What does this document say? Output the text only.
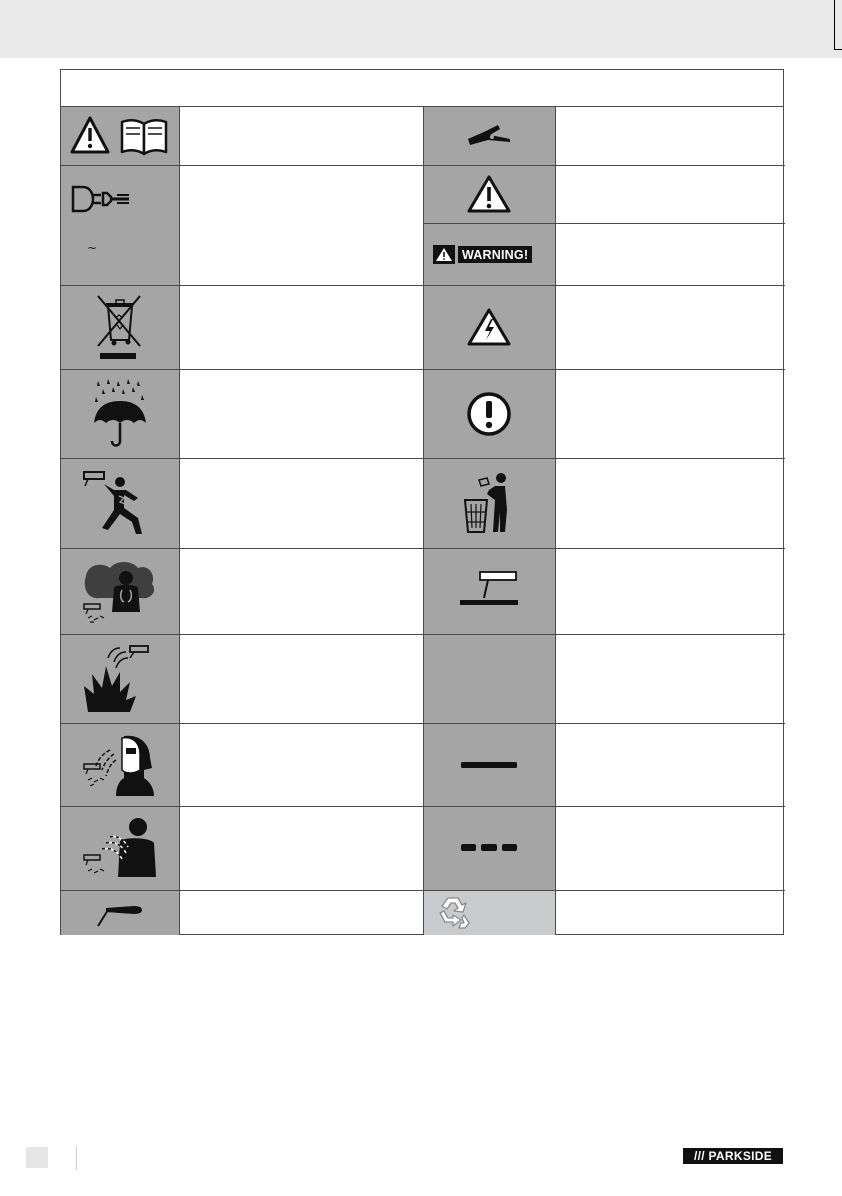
~	WARNING!
/// PARKSIDE
